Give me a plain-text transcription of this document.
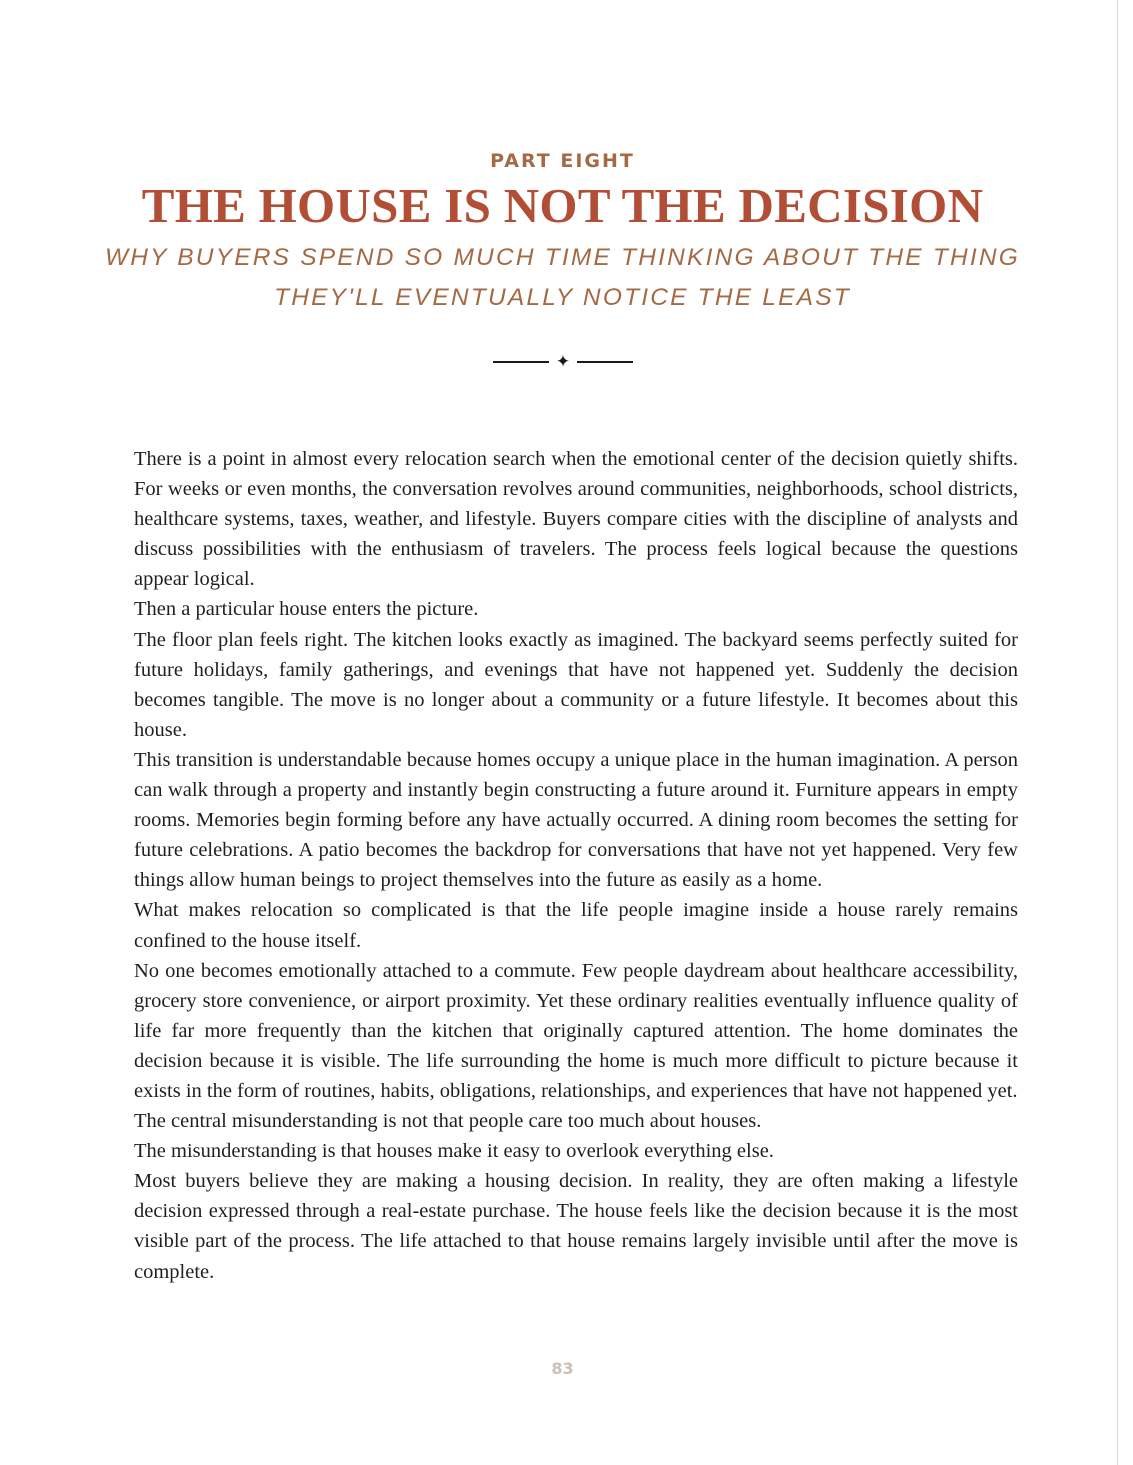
PART EIGHT
THE HOUSE IS NOT THE DECISION
WHY BUYERS SPEND SO MUCH TIME THINKING ABOUT THE THING
THEY'LL EVENTUALLY NOTICE THE LEAST
✦

There is a point in almost every relocation search when the emotional center of the decision quietly shifts. For weeks or even months, the conversation revolves around communities, neighborhoods, school districts, healthcare systems, taxes, weather, and lifestyle. Buyers compare cities with the discipline of analysts and discuss possibilities with the enthusiasm of travelers. The process feels logical because the questions appear logical.

Then a particular house enters the picture.

The floor plan feels right. The kitchen looks exactly as imagined. The backyard seems perfectly suited for future holidays, family gatherings, and evenings that have not happened yet. Suddenly the decision becomes tangible. The move is no longer about a community or a future lifestyle. It becomes about this house.

This transition is understandable because homes occupy a unique place in the human imagination. A person can walk through a property and instantly begin constructing a future around it. Furniture appears in empty rooms. Memories begin forming before any have actually occurred. A dining room becomes the setting for future celebrations. A patio becomes the backdrop for conversations that have not yet happened. Very few things allow human beings to project themselves into the future as easily as a home.

What makes relocation so complicated is that the life people imagine inside a house rarely remains confined to the house itself.

No one becomes emotionally attached to a commute. Few people daydream about healthcare accessibility, grocery store convenience, or airport proximity. Yet these ordinary realities eventually influence quality of life far more frequently than the kitchen that originally captured attention. The home dominates the decision because it is visible. The life surrounding the home is much more difficult to picture because it exists in the form of routines, habits, obligations, relationships, and experiences that have not happened yet.

The central misunderstanding is not that people care too much about houses.

The misunderstanding is that houses make it easy to overlook everything else.

Most buyers believe they are making a housing decision. In reality, they are often making a lifestyle decision expressed through a real-estate purchase. The house feels like the decision because it is the most visible part of the process. The life attached to that house remains largely invisible until after the move is complete.

83
